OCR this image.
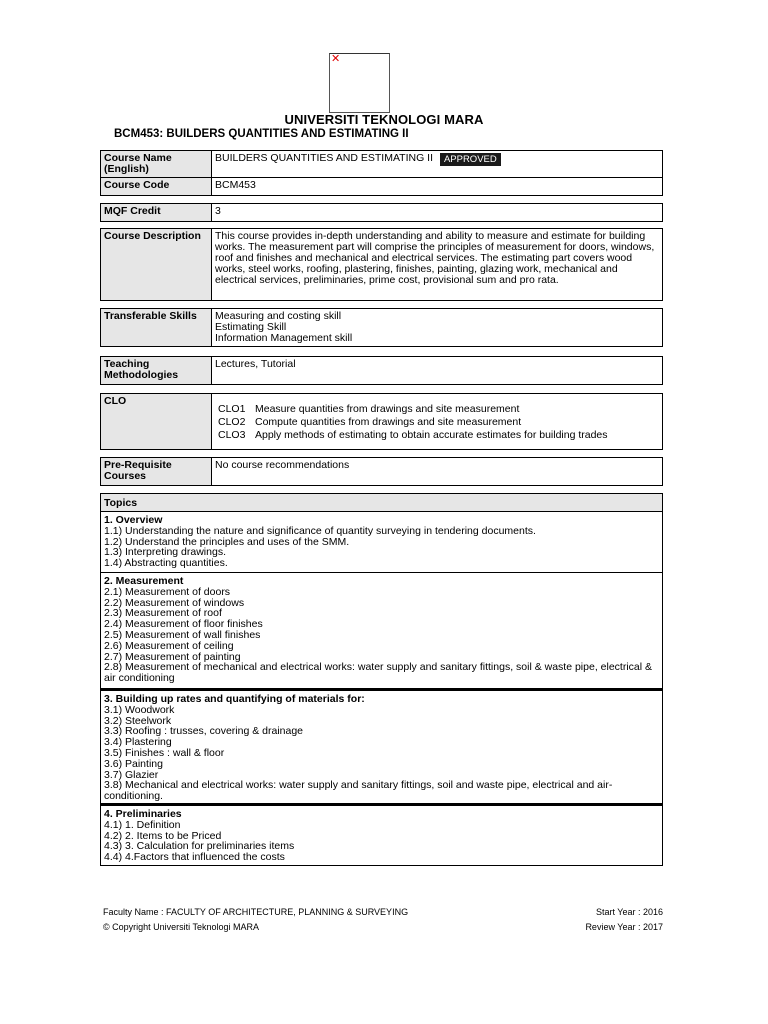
✕
UNIVERSITI TEKNOLOGI MARA
BCM453: BUILDERS QUANTITIES AND ESTIMATING II
Course Name (English)	BUILDERS QUANTITIES AND ESTIMATING II APPROVED
Course Code	BCM453
MQF Credit	3
Course Description	This course provides in-depth understanding and ability to measure and estimate for building works. The measurement part will comprise the principles of measurement for doors, windows, roof and finishes and mechanical and electrical services. The estimating part covers wood works, steel works, roofing, plastering, finishes, painting, glazing work, mechanical and electrical services, preliminaries, prime cost, provisional sum and pro rata.
Transferable Skills	Measuring and costing skill
Estimating Skill
Information Management skill
Teaching Methodologies	Lectures, Tutorial
CLO	
CLO1 Measure quantities from drawings and site measurement
CLO2 Compute quantities from drawings and site measurement
CLO3 Apply methods of estimating to obtain accurate estimates for building trades
Pre-Requisite Courses	No course recommendations
Topics
1. Overview
1.1) Understanding the nature and significance of quantity surveying in tendering documents.
1.2) Understand the principles and uses of the SMM.
1.3) Interpreting drawings.
1.4) Abstracting quantities.
2. Measurement
2.1) Measurement of doors
2.2) Measurement of windows
2.3) Measurement of roof
2.4) Measurement of floor finishes
2.5) Measurement of wall finishes
2.6) Measurement of ceiling
2.7) Measurement of painting
2.8) Measurement of mechanical and electrical works: water supply and sanitary fittings, soil & waste pipe, electrical & air conditioning
3. Building up rates and quantifying of materials for:
3.1) Woodwork
3.2) Steelwork
3.3) Roofing : trusses, covering & drainage
3.4) Plastering
3.5) Finishes : wall & floor
3.6) Painting
3.7) Glazier
3.8) Mechanical and electrical works: water supply and sanitary fittings, soil and waste pipe, electrical and air-conditioning.
4. Preliminaries
4.1) 1. Definition
4.2) 2. Items to be Priced
4.3) 3. Calculation for preliminaries items
4.4) 4.Factors that influenced the costs
Faculty Name : FACULTY OF ARCHITECTURE, PLANNING & SURVEYING
© Copyright Universiti Teknologi MARA
Start Year : 2016
Review Year : 2017
